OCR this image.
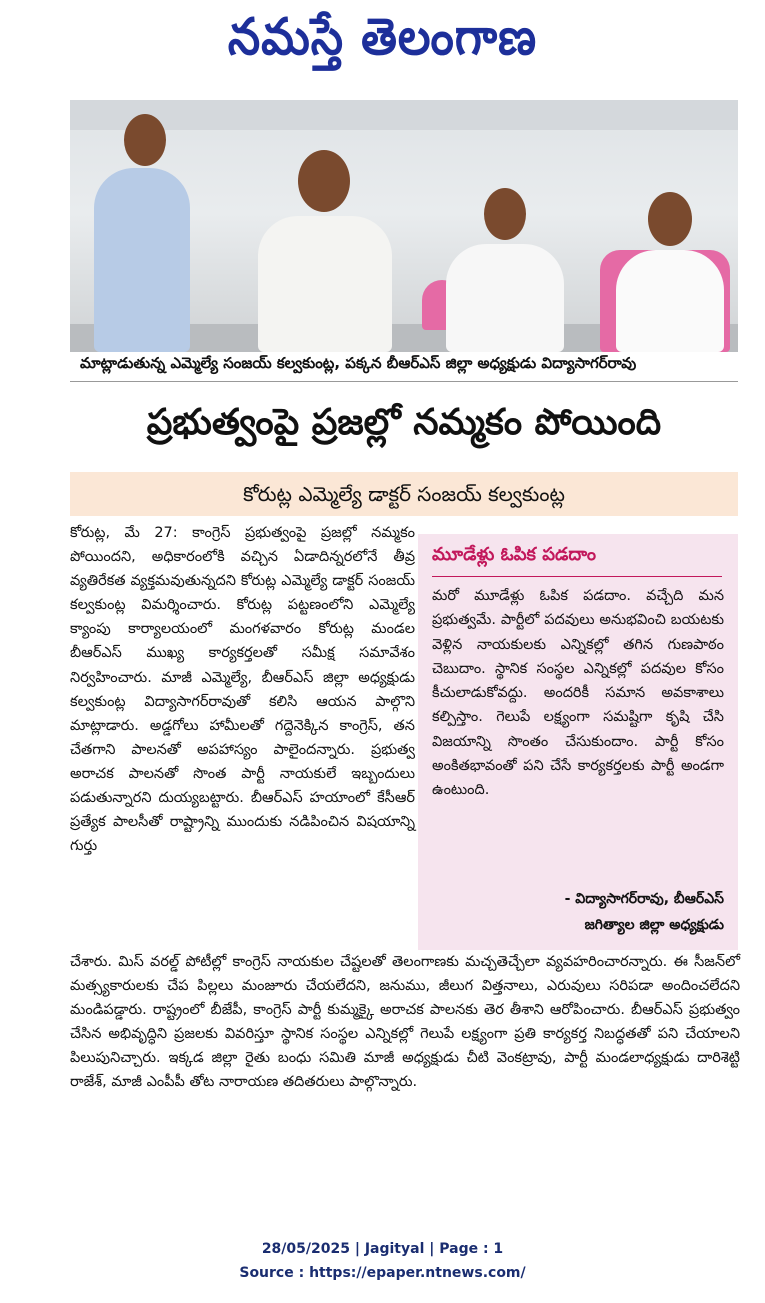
నమస్తే తెలంగాణ
మాట్లాడుతున్న ఎమ్మెల్యే సంజయ్ కల్వకుంట్ల, పక్కన బీఆర్ఎస్ జిల్లా అధ్యక్షుడు విద్యాసాగర్‌రావు
ప్రభుత్వంపై ప్రజల్లో నమ్మకం పోయింది
కోరుట్ల ఎమ్మెల్యే డాక్టర్ సంజయ్ కల్వకుంట్ల
కోరుట్ల, మే 27: కాంగ్రెస్ ప్రభుత్వంపై ప్రజల్లో నమ్మకం పోయిందని, అధికారంలోకి వచ్చిన ఏడాదిన్నరలోనే తీవ్ర వ్యతిరేకత వ్యక్తమవుతున్నదని కోరుట్ల ఎమ్మెల్యే డాక్టర్ సంజయ్ కల్వకుంట్ల విమర్శించారు. కోరుట్ల పట్టణంలోని ఎమ్మెల్యే క్యాంపు కార్యాలయంలో మంగళవారం కోరుట్ల మండల బీఆర్ఎస్ ముఖ్య కార్యకర్తలతో సమీక్ష సమావేశం నిర్వహించారు. మాజీ ఎమ్మెల్యే, బీఆర్ఎస్ జిల్లా అధ్యక్షుడు కల్వకుంట్ల విద్యాసాగర్‌రావుతో కలిసి ఆయన పాల్గొని మాట్లాడారు. అడ్డగోలు హామీలతో గద్దెనెక్కిన కాంగ్రెస్, తన చేతగాని పాలనతో అపహాస్యం పాలైందన్నారు. ప్రభుత్వ అరాచక పాలనతో సొంత పార్టీ నాయకులే ఇబ్బందులు పడుతున్నారని దుయ్యబట్టారు. బీఆర్ఎస్ హయాంలో కేసీఆర్ ప్రత్యేక పాలసీతో రాష్ట్రాన్ని ముందుకు నడిపించిన విషయాన్ని గుర్తు
మూడేళ్లు ఓపిక పడదాం
మరో మూడేళ్లు ఓపిక పడదాం. వచ్చేది మన ప్రభుత్వమే. పార్టీలో పదవులు అనుభవించి బయటకు వెళ్లిన నాయకులకు ఎన్నికల్లో తగిన గుణపాఠం చెబుదాం. స్థానిక సంస్థల ఎన్నికల్లో పదవుల కోసం కీచులాడుకోవద్దు. అందరికీ సమాన అవకాశాలు కల్పిస్తాం. గెలుపే లక్ష్యంగా సమష్టిగా కృషి చేసి విజయాన్ని సొంతం చేసుకుందాం. పార్టీ కోసం అంకితభావంతో పని చేసే కార్యకర్తలకు పార్టీ అండగా ఉంటుంది.
- విద్యాసాగర్‌రావు, బీఆర్ఎస్
జగిత్యాల జిల్లా అధ్యక్షుడు
చేశారు. మిస్ వరల్డ్ పోటీల్లో కాంగ్రెస్ నాయకుల చేష్టలతో తెలంగాణకు మచ్చతెచ్చేలా వ్యవహరించారన్నారు. ఈ సీజన్‌లో మత్స్యకారులకు చేప పిల్లలు మంజూరు చేయలేదని, జనుము, జీలుగ విత్తనాలు, ఎరువులు సరిపడా అందించలేదని మండిపడ్డారు. రాష్ట్రంలో బీజేపీ, కాంగ్రెస్ పార్టీ కుమ్మక్కై అరాచక పాలనకు తెర తీశాని ఆరోపించారు. బీఆర్ఎస్ ప్రభుత్వం చేసిన అభివృద్ధిని ప్రజలకు వివరిస్తూ స్థానిక సంస్థల ఎన్నికల్లో గెలుపే లక్ష్యంగా ప్రతి కార్యకర్త నిబద్ధతతో పని చేయాలని పిలుపునిచ్చారు. ఇక్కడ జిల్లా రైతు బంధు సమితి మాజీ అధ్యక్షుడు చీటి వెంకట్రావు, పార్టీ మండలాధ్యక్షుడు దారిశెట్టి రాజేశ్, మాజీ ఎంపీపీ తోట నారాయణ తదితరులు పాల్గొన్నారు.
28/05/2025 | Jagityal | Page : 1
Source : https://epaper.ntnews.com/
